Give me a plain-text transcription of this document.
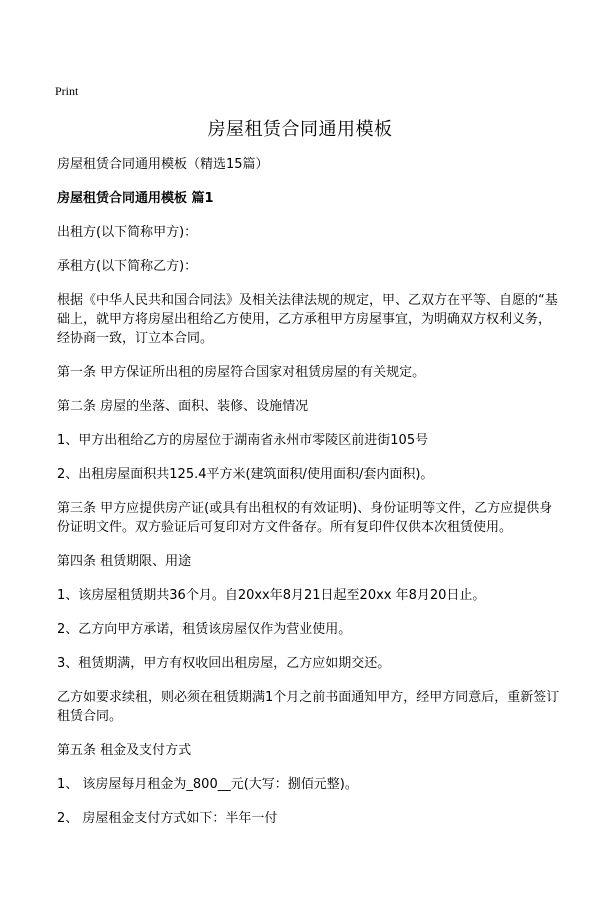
Print
房屋租赁合同通用模板

房屋租赁合同通用模板（精选15篇）

房屋租赁合同通用模板 篇1

出租方(以下简称甲方)：

承租方(以下简称乙方)：

根据《中华人民共和国合同法》及相关法律法规的规定，甲、乙双方在平等、自愿的“基础上，就甲方将房屋出租给乙方使用，乙方承租甲方房屋事宜，为明确双方权利义务，经协商一致，订立本合同。

第一条 甲方保证所出租的房屋符合国家对租赁房屋的有关规定。

第二条 房屋的坐落、面积、装修、设施情况

1、甲方出租给乙方的房屋位于湖南省永州市零陵区前进街105号

2、出租房屋面积共125.4平方米(建筑面积/使用面积/套内面积)。

第三条 甲方应提供房产证(或具有出租权的有效证明)、身份证明等文件，乙方应提供身份证明文件。双方验证后可复印对方文件备存。所有复印件仅供本次租赁使用。

第四条 租赁期限、用途

1、该房屋租赁期共36个月。自20xx年8月21日起至20xx 年8月20日止。

2、乙方向甲方承诺，租赁该房屋仅作为营业使用。

3、租赁期满，甲方有权收回出租房屋，乙方应如期交还。

乙方如要求续租，则必须在租赁期满1个月之前书面通知甲方，经甲方同意后，重新签订租赁合同。

第五条 租金及支付方式

1、 该房屋每月租金为_800__元(大写：捌佰元整)。

2、 房屋租金支付方式如下：半年一付
